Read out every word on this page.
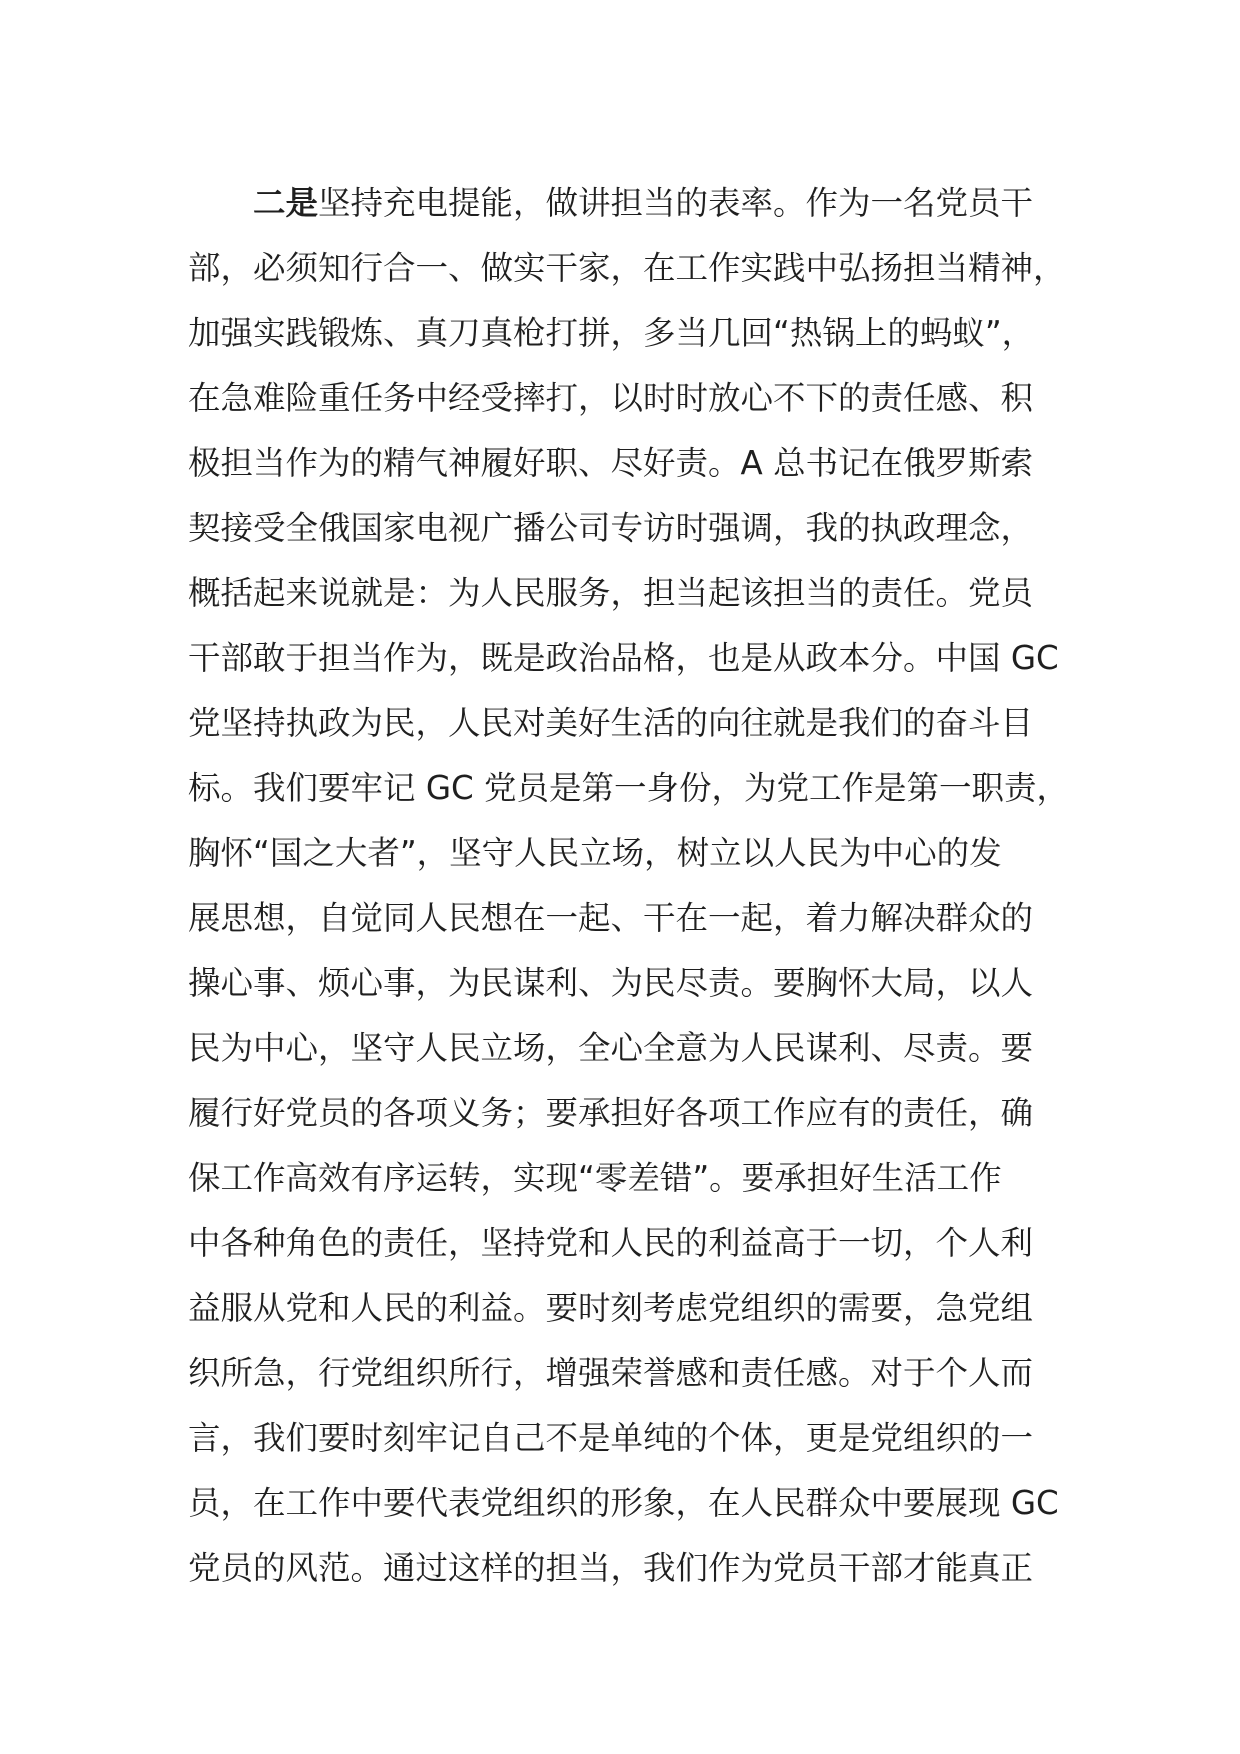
二是坚持充电提能，做讲担当的表率。作为一名党员干
部，必须知行合一、做实干家，在工作实践中弘扬担当精神，
加强实践锻炼、真刀真枪打拼，多当几回“热锅上的蚂蚁”，
在急难险重任务中经受摔打，以时时放心不下的责任感、积
极担当作为的精气神履好职、尽好责。A 总书记在俄罗斯索
契接受全俄国家电视广播公司专访时强调，我的执政理念，
概括起来说就是：为人民服务，担当起该担当的责任。党员
干部敢于担当作为，既是政治品格，也是从政本分。中国 GC
党坚持执政为民，人民对美好生活的向往就是我们的奋斗目
标。我们要牢记 GC 党员是第一身份，为党工作是第一职责，
胸怀“国之大者”，坚守人民立场，树立以人民为中心的发
展思想，自觉同人民想在一起、干在一起，着力解决群众的
操心事、烦心事，为民谋利、为民尽责。要胸怀大局，以人
民为中心，坚守人民立场，全心全意为人民谋利、尽责。要
履行好党员的各项义务；要承担好各项工作应有的责任，确
保工作高效有序运转，实现“零差错”。要承担好生活工作
中各种角色的责任，坚持党和人民的利益高于一切，个人利
益服从党和人民的利益。要时刻考虑党组织的需要，急党组
织所急，行党组织所行，增强荣誉感和责任感。对于个人而
言，我们要时刻牢记自己不是单纯的个体，更是党组织的一
员，在工作中要代表党组织的形象，在人民群众中要展现 GC
党员的风范。通过这样的担当，我们作为党员干部才能真正
